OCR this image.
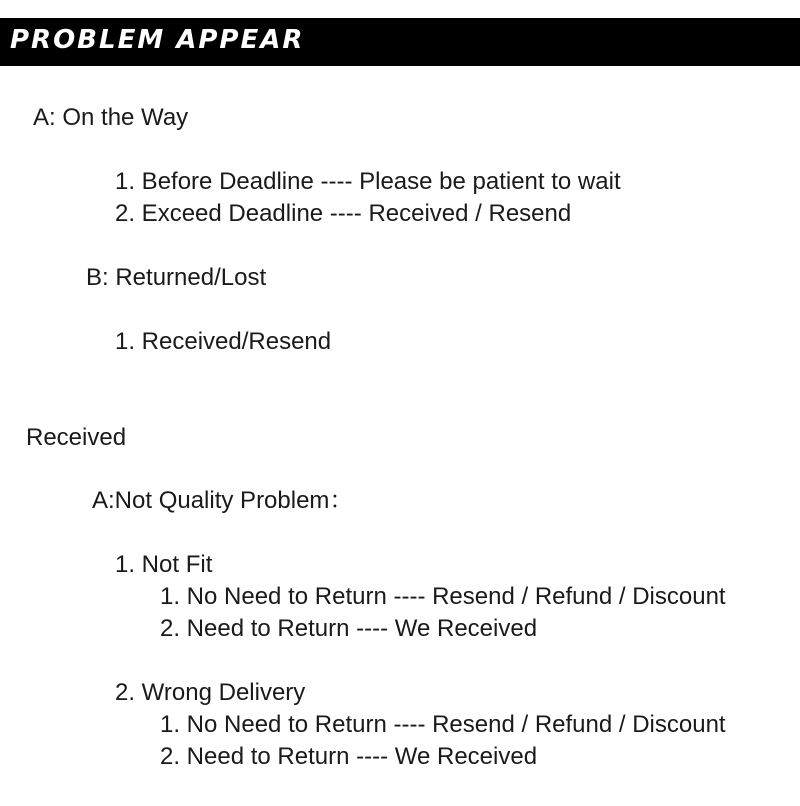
PROBLEM APPEAR
A: On the Way
1. Before Deadline ---- Please be patient to wait
2. Exceed Deadline ---- Received / Resend
B: Returned/Lost
1. Received/Resend
Received
A:Not Quality Problem：
1. Not Fit
1. No Need to Return ---- Resend / Refund / Discount
2. Need to Return ---- We Received
2. Wrong Delivery
1. No Need to Return ---- Resend / Refund / Discount
2. Need to Return ---- We Received
